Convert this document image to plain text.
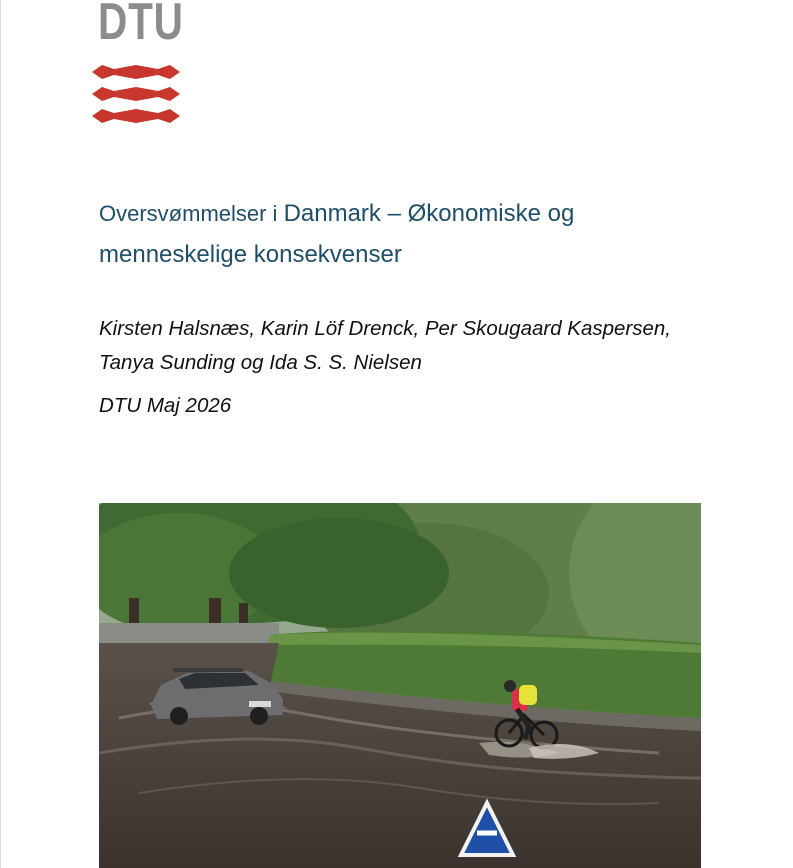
DTU
Oversvømmelser i Danmark – Økonomiske og menneskelige konsekvenser

Kirsten Halsnæs, Karin Löf Drenck, Per Skougaard Kaspersen, Tanya Sunding og Ida S. S. Nielsen

DTU Maj 2026
